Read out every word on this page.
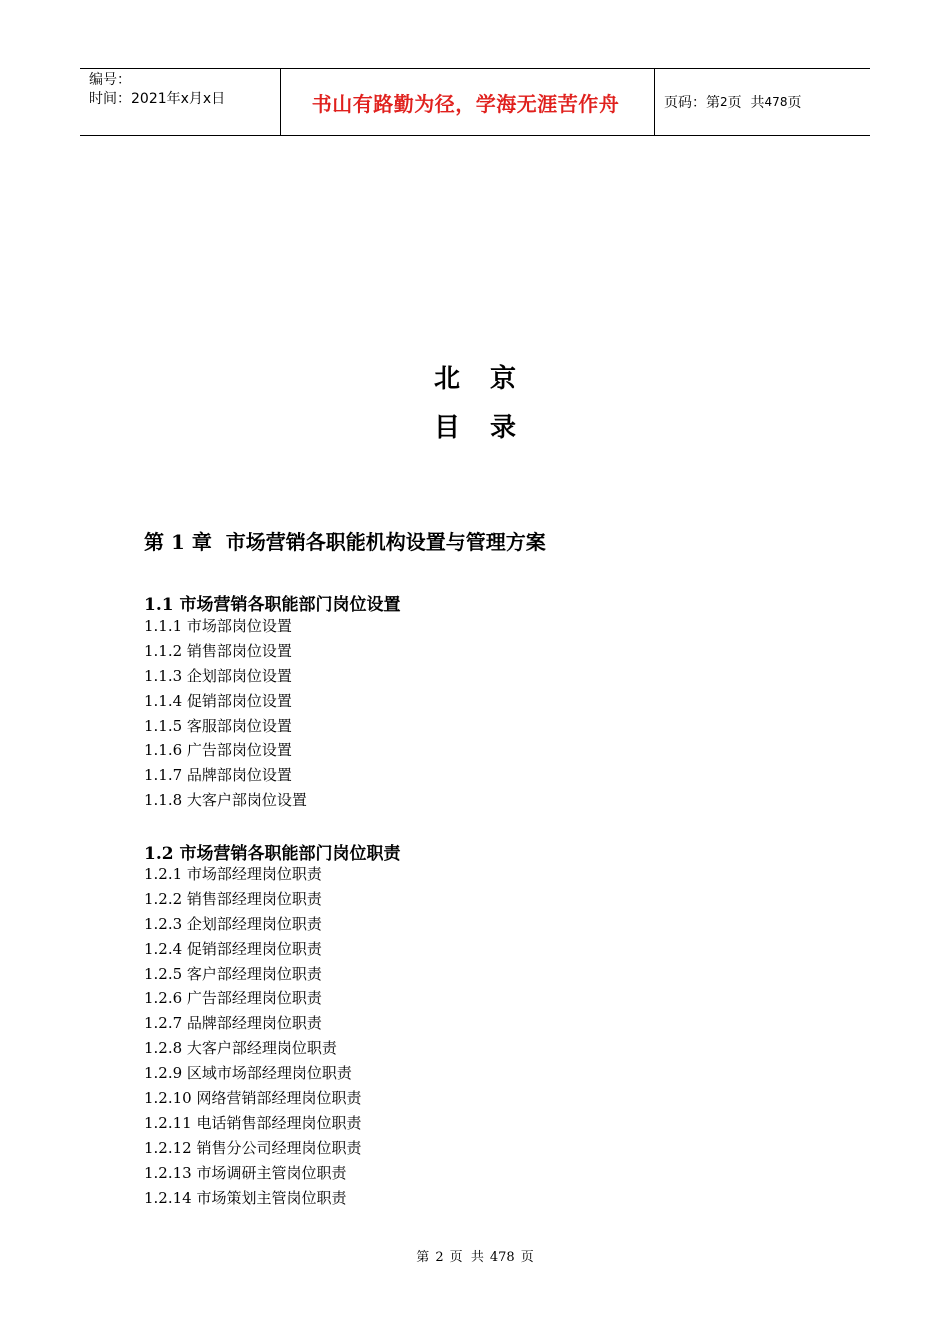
编号：
时间：2021年x月x日	书山有路勤为径，学海无涯苦作舟	页码：第 2 页  共 478 页
北京
目录
第 1 章  市场营销各职能机构设置与管理方案
1.1 市场营销各职能部门岗位设置
1.1.1 市场部岗位设置
1.1.2 销售部岗位设置
1.1.3 企划部岗位设置
1.1.4 促销部岗位设置
1.1.5 客服部岗位设置
1.1.6 广告部岗位设置
1.1.7 品牌部岗位设置
1.1.8 大客户部岗位设置
1.2 市场营销各职能部门岗位职责
1.2.1 市场部经理岗位职责
1.2.2 销售部经理岗位职责
1.2.3 企划部经理岗位职责
1.2.4 促销部经理岗位职责
1.2.5 客户部经理岗位职责
1.2.6 广告部经理岗位职责
1.2.7 品牌部经理岗位职责
1.2.8 大客户部经理岗位职责
1.2.9 区域市场部经理岗位职责
1.2.10 网络营销部经理岗位职责
1.2.11 电话销售部经理岗位职责
1.2.12 销售分公司经理岗位职责
1.2.13 市场调研主管岗位职责
1.2.14 市场策划主管岗位职责
第 2 页  共 478 页
